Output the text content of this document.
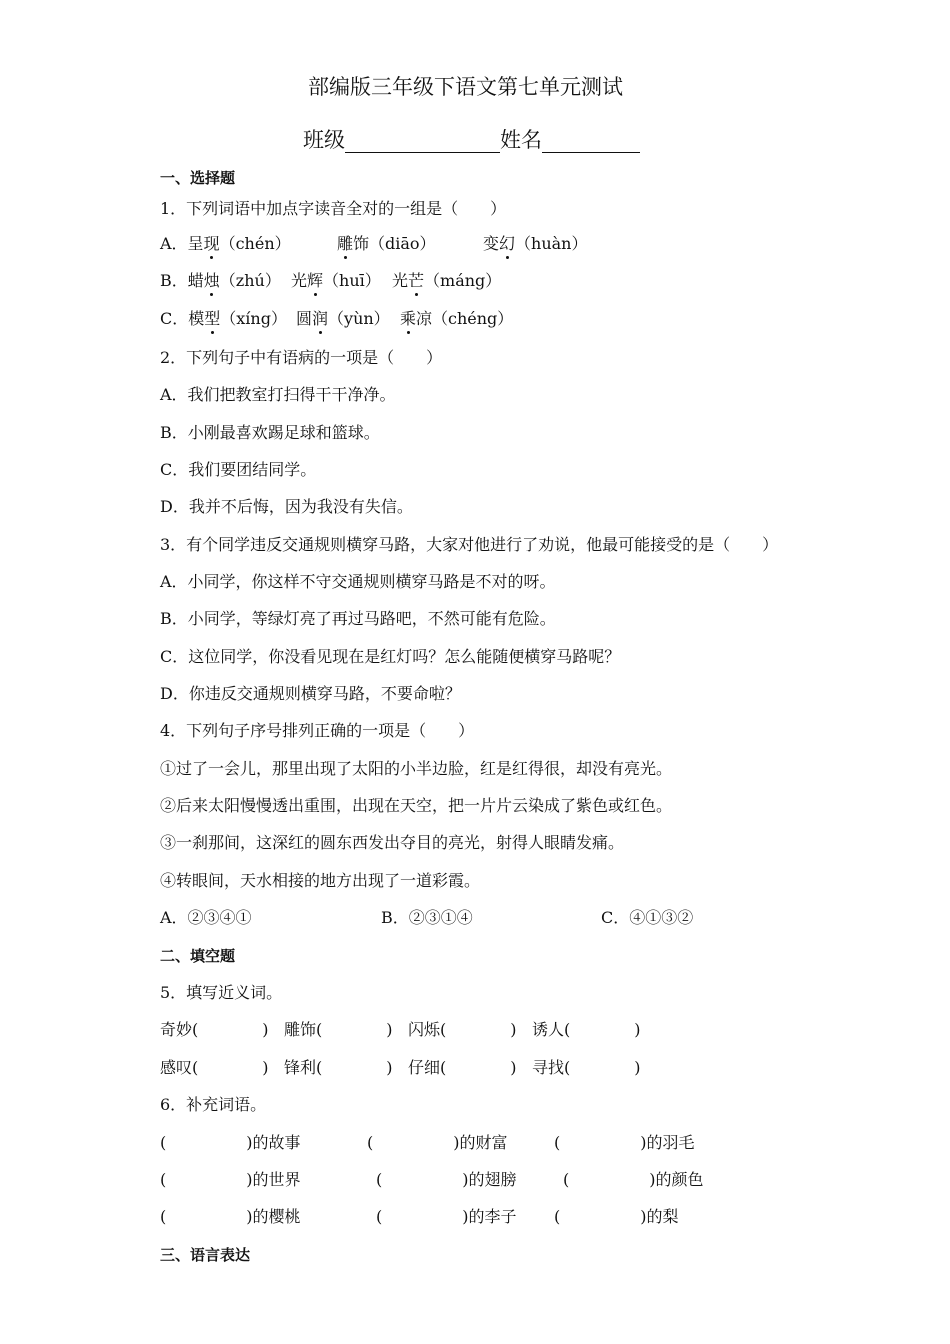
部编版三年级下语文第七单元测试
班级	姓名
一、选择题
1．下列词语中加点字读音全对的一组是（　　）
A．呈现（chén）	雕饰（diāo）	变幻（huàn）
B．蜡烛（zhú） 光辉（huī） 光芒（máng）
C．模型（xíng） 圆润（yùn） 乘凉（chéng）
2．下列句子中有语病的一项是（　　）
A．我们把教室打扫得干干净净。
B．小刚最喜欢踢足球和篮球。
C．我们要团结同学。
D．我并不后悔，因为我没有失信。
3．有个同学违反交通规则横穿马路，大家对他进行了劝说，他最可能接受的是（　　）
A．小同学，你这样不守交通规则横穿马路是不对的呀。
B．小同学，等绿灯亮了再过马路吧，不然可能有危险。
C．这位同学，你没看见现在是红灯吗？怎么能随便横穿马路呢？
D．你违反交通规则横穿马路，不要命啦？
4．下列句子序号排列正确的一项是（　　）
①过了一会儿，那里出现了太阳的小半边脸，红是红得很，却没有亮光。
②后来太阳慢慢透出重围，出现在天空，把一片片云染成了紫色或红色。
③一刹那间，这深红的圆东西发出夺目的亮光，射得人眼睛发痛。
④转眼间，天水相接的地方出现了一道彩霞。
A．②③④①	B．②③①④	C．④①③②
二、填空题
5．填写近义词。
奇妙(　　　　) 雕饰(　　　　) 闪烁(　　　　) 诱人(　　　　)
感叹(　　　　) 锋利(　　　　) 仔细(　　　　) 寻找(　　　　)
6．补充词语。
(　　　　　)的故事	(　　　　　)的财富	(　　　　　)的羽毛
(　　　　　)的世界	(　　　　　)的翅膀	(　　　　　)的颜色
(　　　　　)的樱桃	(　　　　　)的李子 (　　　　　)的梨
三、语言表达
